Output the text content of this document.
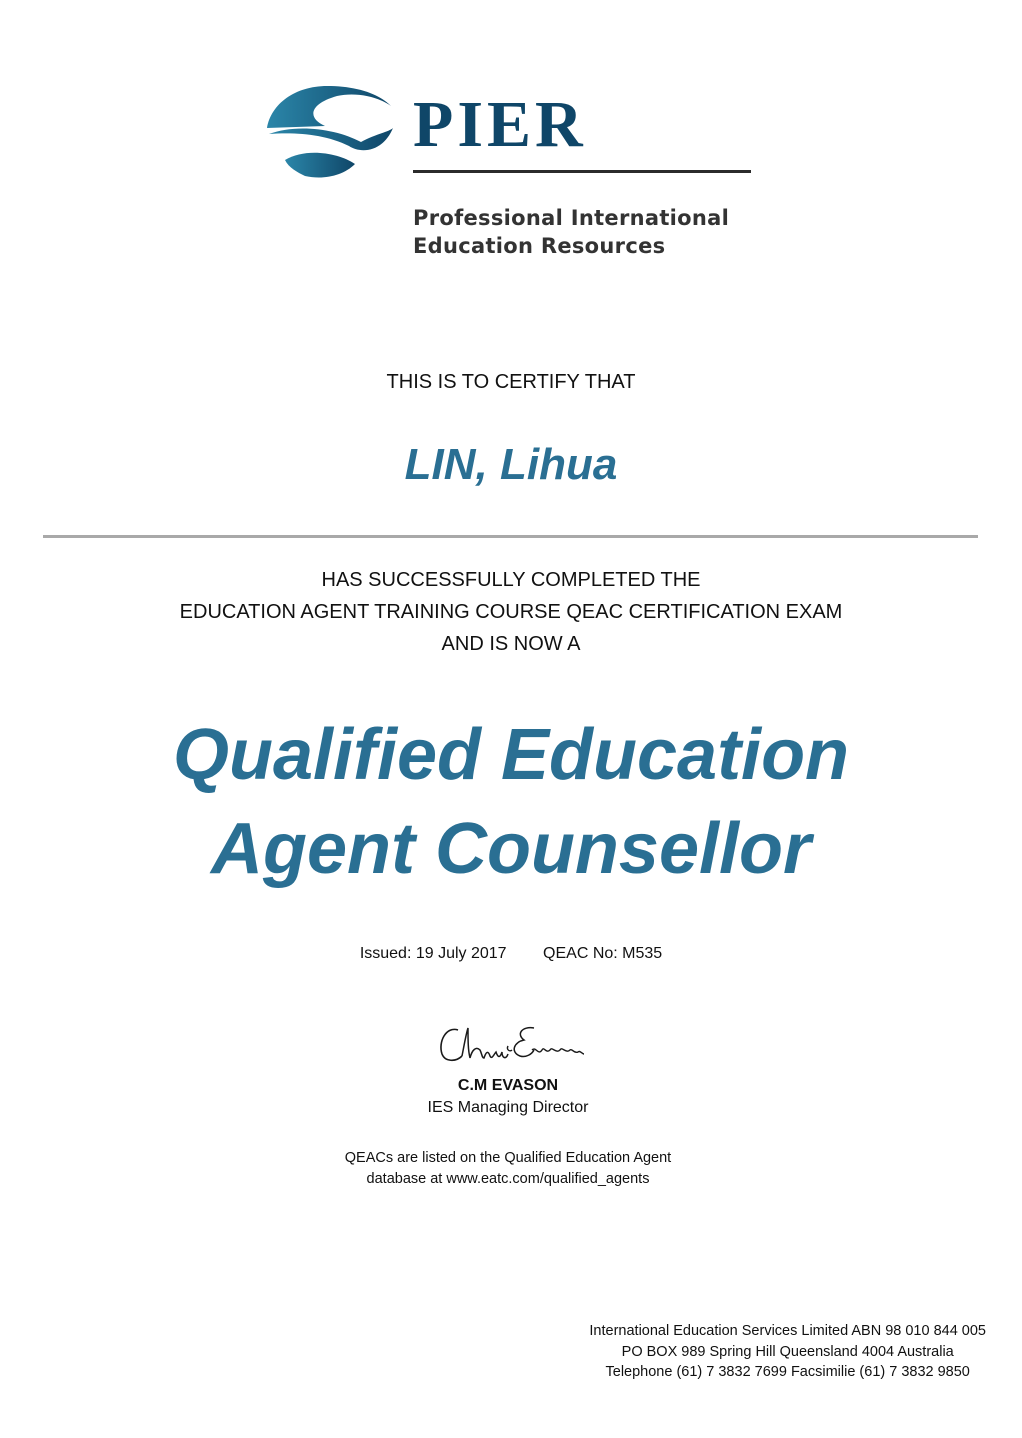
PIER
Professional International
Education Resources
THIS IS TO CERTIFY THAT
LIN, Lihua
HAS SUCCESSFULLY COMPLETED THE
EDUCATION AGENT TRAINING COURSE QEAC CERTIFICATION EXAM
AND IS NOW A
Qualified Education
Agent Counsellor
Issued: 19 July 2017 QEAC No: M535
C.M EVASON
IES Managing Director
QEACs are listed on the Qualified Education Agent
database at www.eatc.com/qualified_agents
International Education Services Limited ABN 98 010 844 005
PO BOX 989 Spring Hill Queensland 4004 Australia
Telephone (61) 7 3832 7699 Facsimilie (61) 7 3832 9850
